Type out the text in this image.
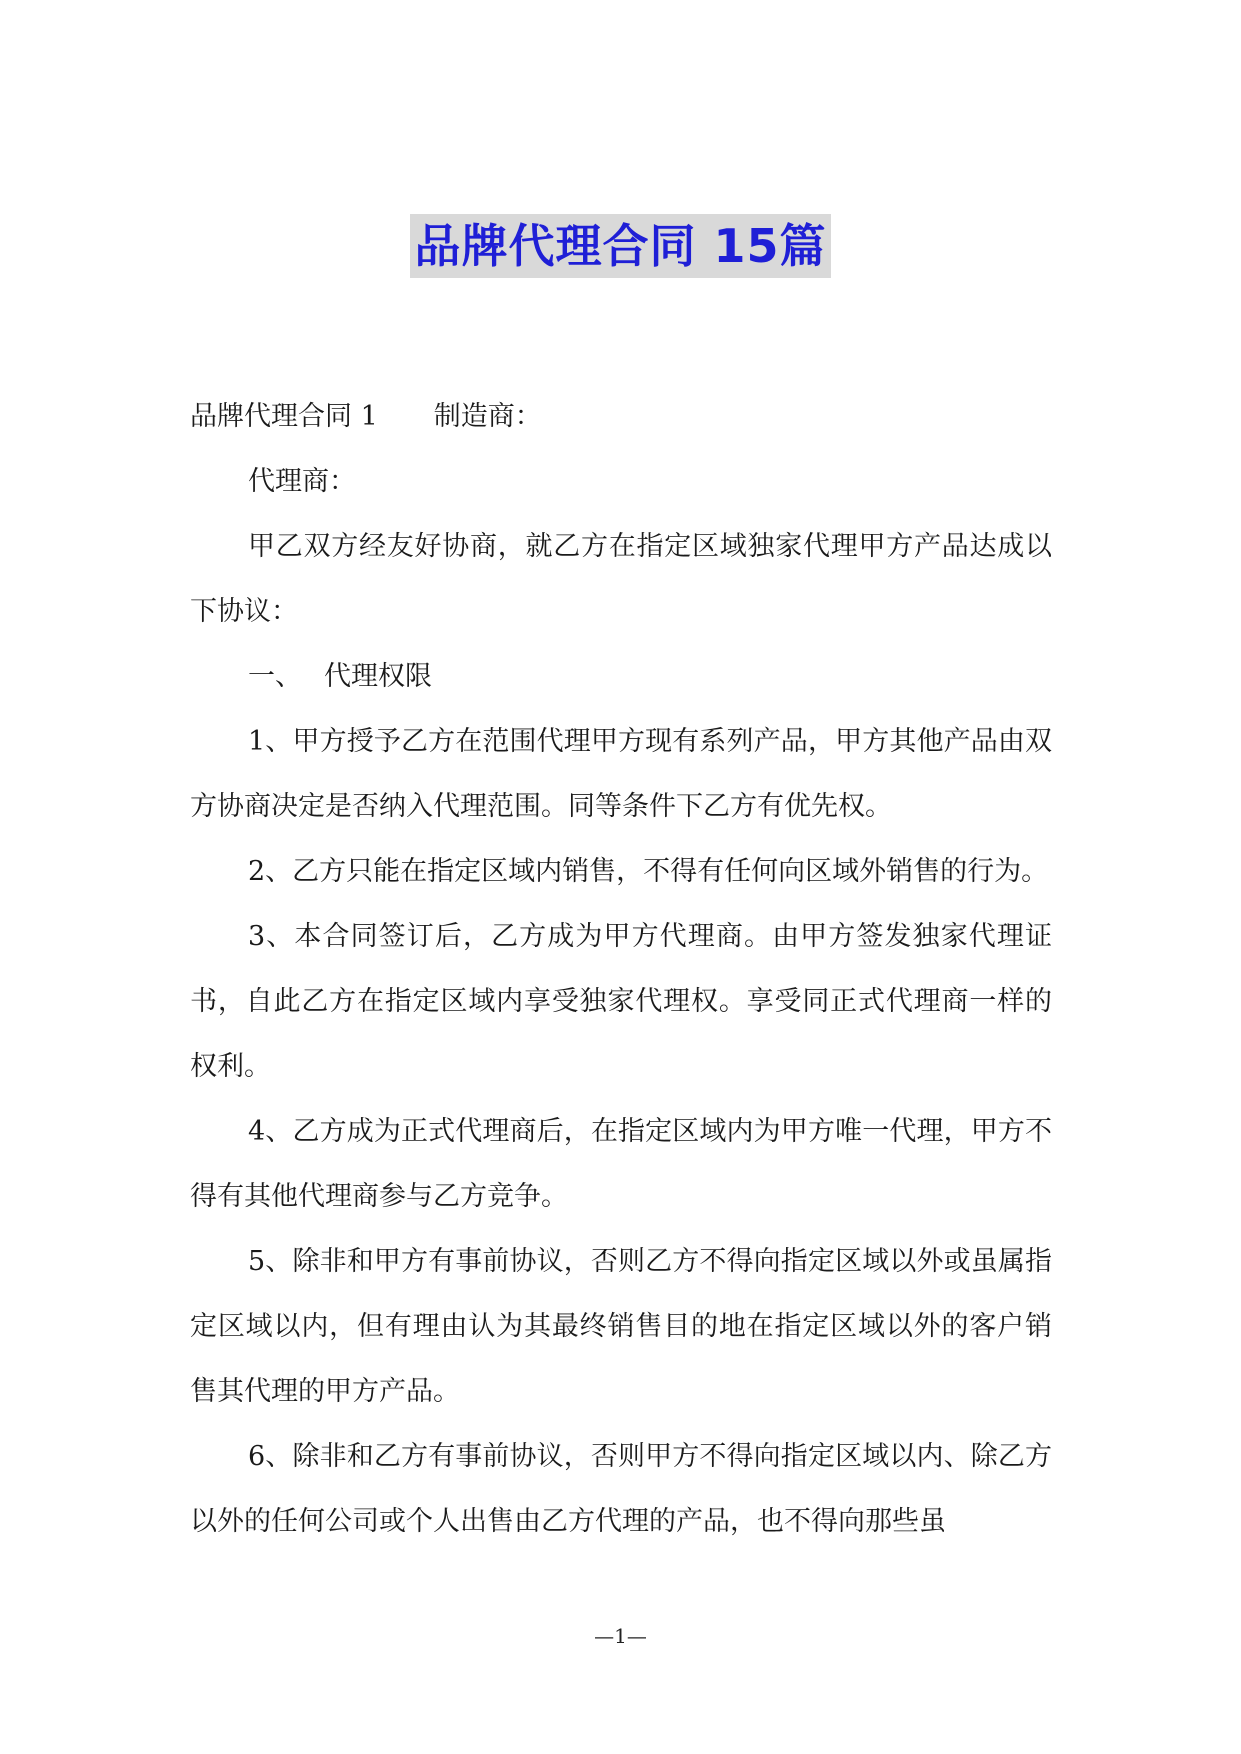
品牌代理合同 15篇

品牌代理合同 1 制造商：

代理商：

甲乙双方经友好协商，就乙方在指定区域独家代理甲方产品达成以下协议：

一、 代理权限

1、甲方授予乙方在范围代理甲方现有系列产品，甲方其他产品由双方协商决定是否纳入代理范围。同等条件下乙方有优先权。

2、乙方只能在指定区域内销售，不得有任何向区域外销售的行为。

3、本合同签订后，乙方成为甲方代理商。由甲方签发独家代理证书，自此乙方在指定区域内享受独家代理权。享受同正式代理商一样的权利。

4、乙方成为正式代理商后，在指定区域内为甲方唯一代理，甲方不得有其他代理商参与乙方竞争。

5、除非和甲方有事前协议，否则乙方不得向指定区域以外或虽属指定区域以内，但有理由认为其最终销售目的地在指定区域以外的客户销售其代理的甲方产品。

6、除非和乙方有事前协议，否则甲方不得向指定区域以内、除乙方以外的任何公司或个人出售由乙方代理的产品，也不得向那些虽

—1—
